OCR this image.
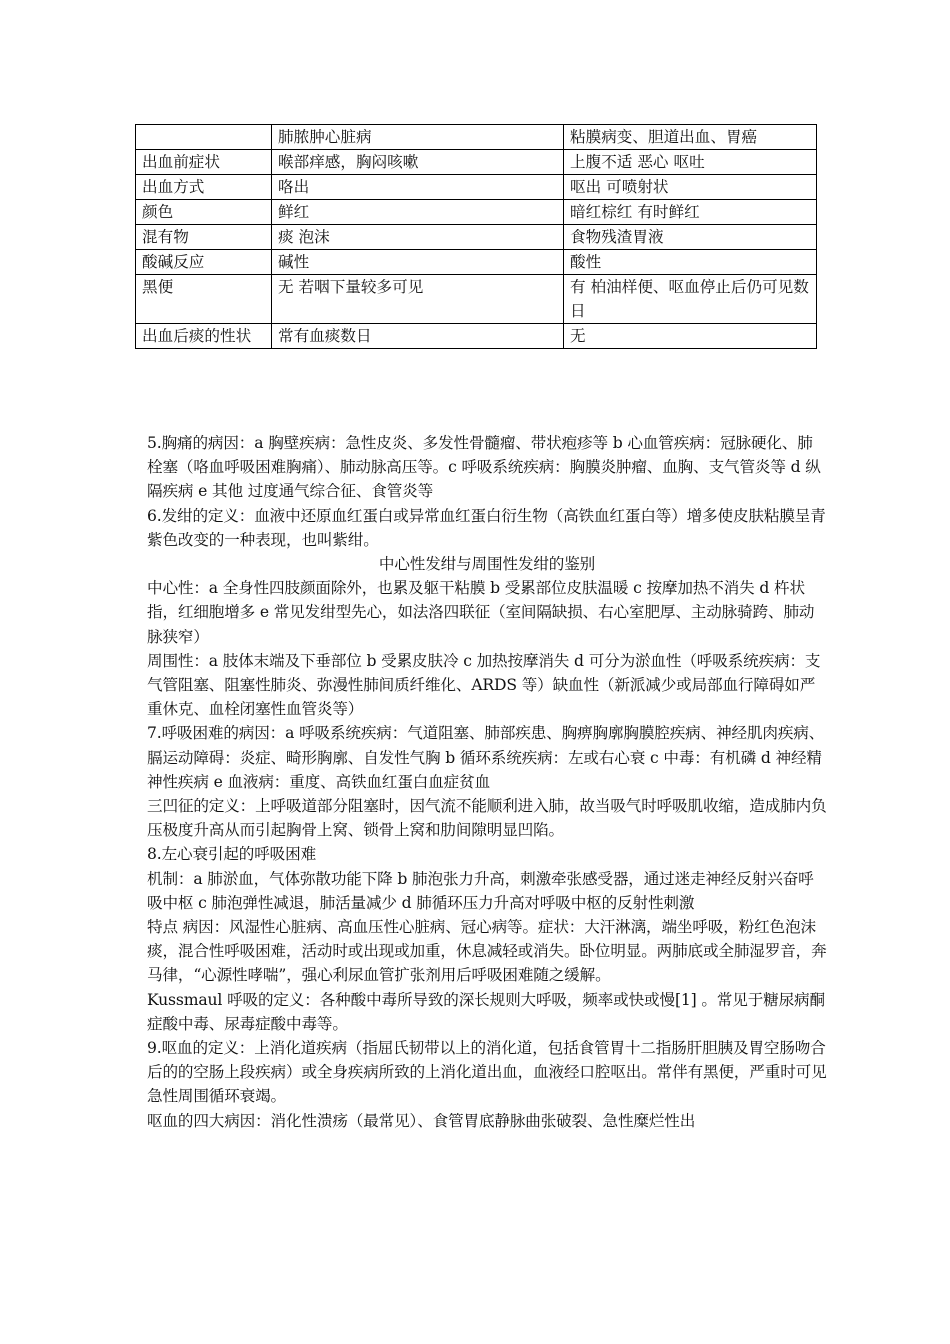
	肺脓肿心脏病	粘膜病变、胆道出血、胃癌
出血前症状	喉部痒感，胸闷咳嗽	上腹不适 恶心 呕吐
出血方式	咯出	呕出 可喷射状
颜色	鲜红	暗红棕红 有时鲜红
混有物	痰 泡沫	食物残渣胃液
酸碱反应	碱性	酸性
黑便	无 若咽下量较多可见	有 柏油样便、呕血停止后仍可见数日
出血后痰的性状	常有血痰数日	无

5.胸痛的病因：a 胸壁疾病：急性皮炎、多发性骨髓瘤、带状疱疹等 b 心血管疾病：冠脉硬化、肺栓塞（咯血呼吸困难胸痛）、肺动脉高压等。c 呼吸系统疾病：胸膜炎肿瘤、血胸、支气管炎等 d 纵隔疾病 e 其他 过度通气综合征、食管炎等

6.发绀的定义：血液中还原血红蛋白或异常血红蛋白衍生物（高铁血红蛋白等）增多使皮肤粘膜呈青紫色改变的一种表现，也叫紫绀。

中心性发绀与周围性发绀的鉴别

中心性：a 全身性四肢颜面除外，也累及躯干粘膜 b 受累部位皮肤温暖 c 按摩加热不消失 d 杵状指，红细胞增多 e 常见发绀型先心，如法洛四联征（室间隔缺损、右心室肥厚、主动脉骑跨、肺动脉狭窄）

周围性：a 肢体末端及下垂部位 b 受累皮肤冷 c 加热按摩消失 d 可分为淤血性（呼吸系统疾病：支气管阻塞、阻塞性肺炎、弥漫性肺间质纤维化、ARDS 等）缺血性（新派减少或局部血行障碍如严重休克、血栓闭塞性血管炎等）

7.呼吸困难的病因：a 呼吸系统疾病：气道阻塞、肺部疾患、胸痹胸廓胸膜腔疾病、神经肌肉疾病、膈运动障碍：炎症、畸形胸廓、自发性气胸 b 循环系统疾病：左或右心衰 c 中毒：有机磷 d 神经精神性疾病 e 血液病：重度、高铁血红蛋白血症贫血

三凹征的定义：上呼吸道部分阻塞时，因气流不能顺利进入肺，故当吸气时呼吸肌收缩，造成肺内负压极度升高从而引起胸骨上窝、锁骨上窝和肋间隙明显凹陷。

8.左心衰引起的呼吸困难

机制：a 肺淤血，气体弥散功能下降 b 肺泡张力升高，刺激牵张感受器，通过迷走神经反射兴奋呼吸中枢 c 肺泡弹性减退，肺活量减少 d 肺循环压力升高对呼吸中枢的反射性刺激

特点 病因：风湿性心脏病、高血压性心脏病、冠心病等。症状：大汗淋漓，端坐呼吸，粉红色泡沫痰，混合性呼吸困难，活动时或出现或加重，休息减轻或消失。卧位明显。两肺底或全肺湿罗音，奔马律，“心源性哮喘”，强心利尿血管扩张剂用后呼吸困难随之缓解。

Kussmaul 呼吸的定义：各种酸中毒所导致的深长规则大呼吸，频率或快或慢[1] 。常见于糖尿病酮症酸中毒、尿毒症酸中毒等。

9.呕血的定义：上消化道疾病（指屈氏韧带以上的消化道，包括食管胃十二指肠肝胆胰及胃空肠吻合后的的空肠上段疾病）或全身疾病所致的上消化道出血，血液经口腔呕出。常伴有黑便，严重时可见急性周围循环衰竭。

呕血的四大病因：消化性溃疡（最常见）、食管胃底静脉曲张破裂、急性糜烂性出
